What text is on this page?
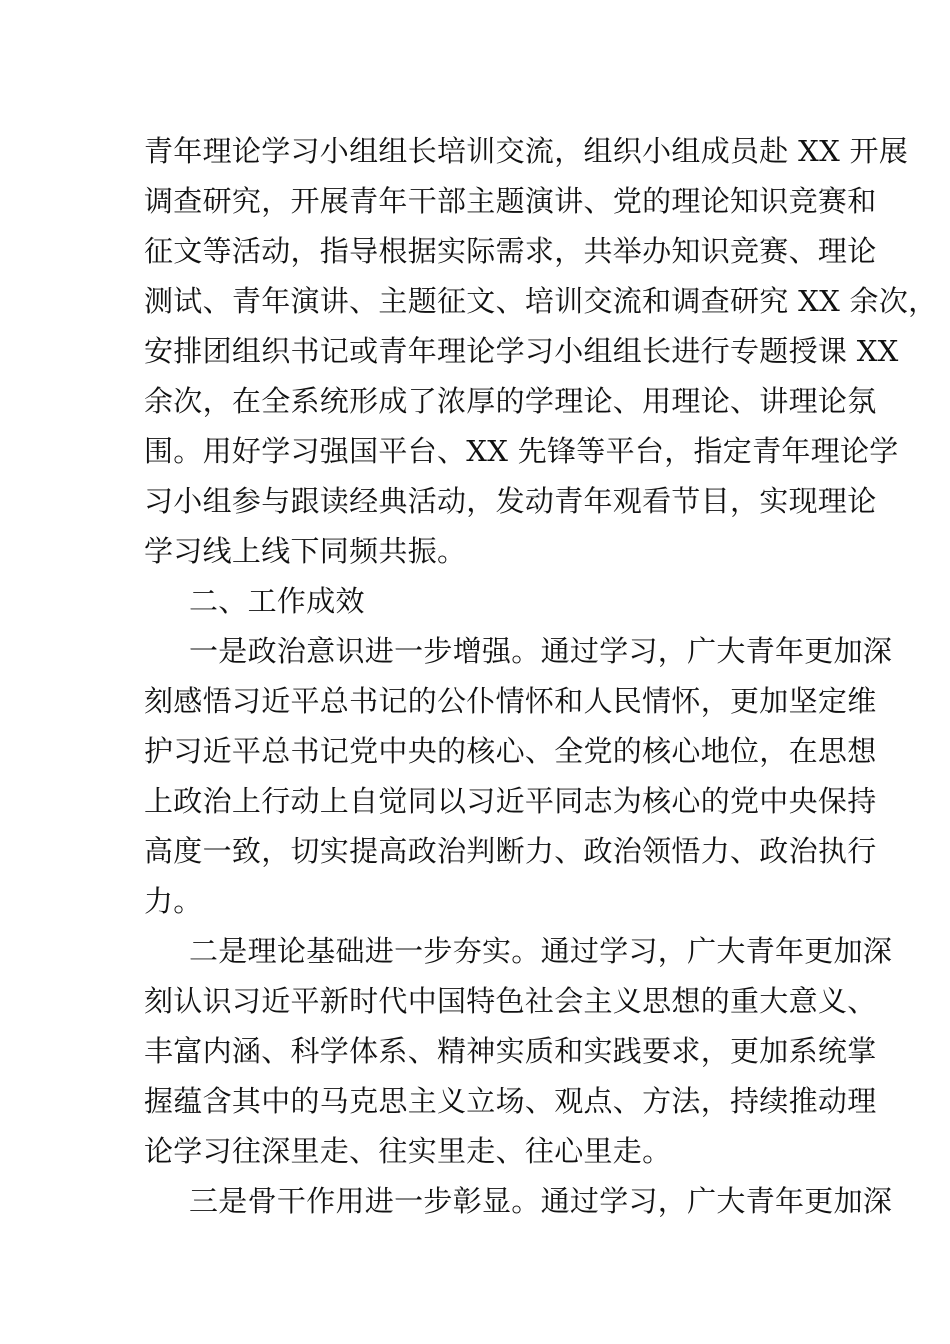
青年理论学习小组组长培训交流，组织小组成员赴 XX 开展
调查研究，开展青年干部主题演讲、党的理论知识竞赛和
征文等活动，指导根据实际需求，共举办知识竞赛、理论
测试、青年演讲、主题征文、培训交流和调查研究 XX 余次，
安排团组织书记或青年理论学习小组组长进行专题授课 XX
余次，在全系统形成了浓厚的学理论、用理论、讲理论氛
围。用好学习强国平台、XX 先锋等平台，指定青年理论学
习小组参与跟读经典活动，发动青年观看节目，实现理论
学习线上线下同频共振。
二、工作成效
一是政治意识进一步增强。通过学习，广大青年更加深
刻感悟习近平总书记的公仆情怀和人民情怀，更加坚定维
护习近平总书记党中央的核心、全党的核心地位，在思想
上政治上行动上自觉同以习近平同志为核心的党中央保持
高度一致，切实提高政治判断力、政治领悟力、政治执行
力。
二是理论基础进一步夯实。通过学习，广大青年更加深
刻认识习近平新时代中国特色社会主义思想的重大意义、
丰富内涵、科学体系、精神实质和实践要求，更加系统掌
握蕴含其中的马克思主义立场、观点、方法，持续推动理
论学习往深里走、往实里走、往心里走。
三是骨干作用进一步彰显。通过学习，广大青年更加深
